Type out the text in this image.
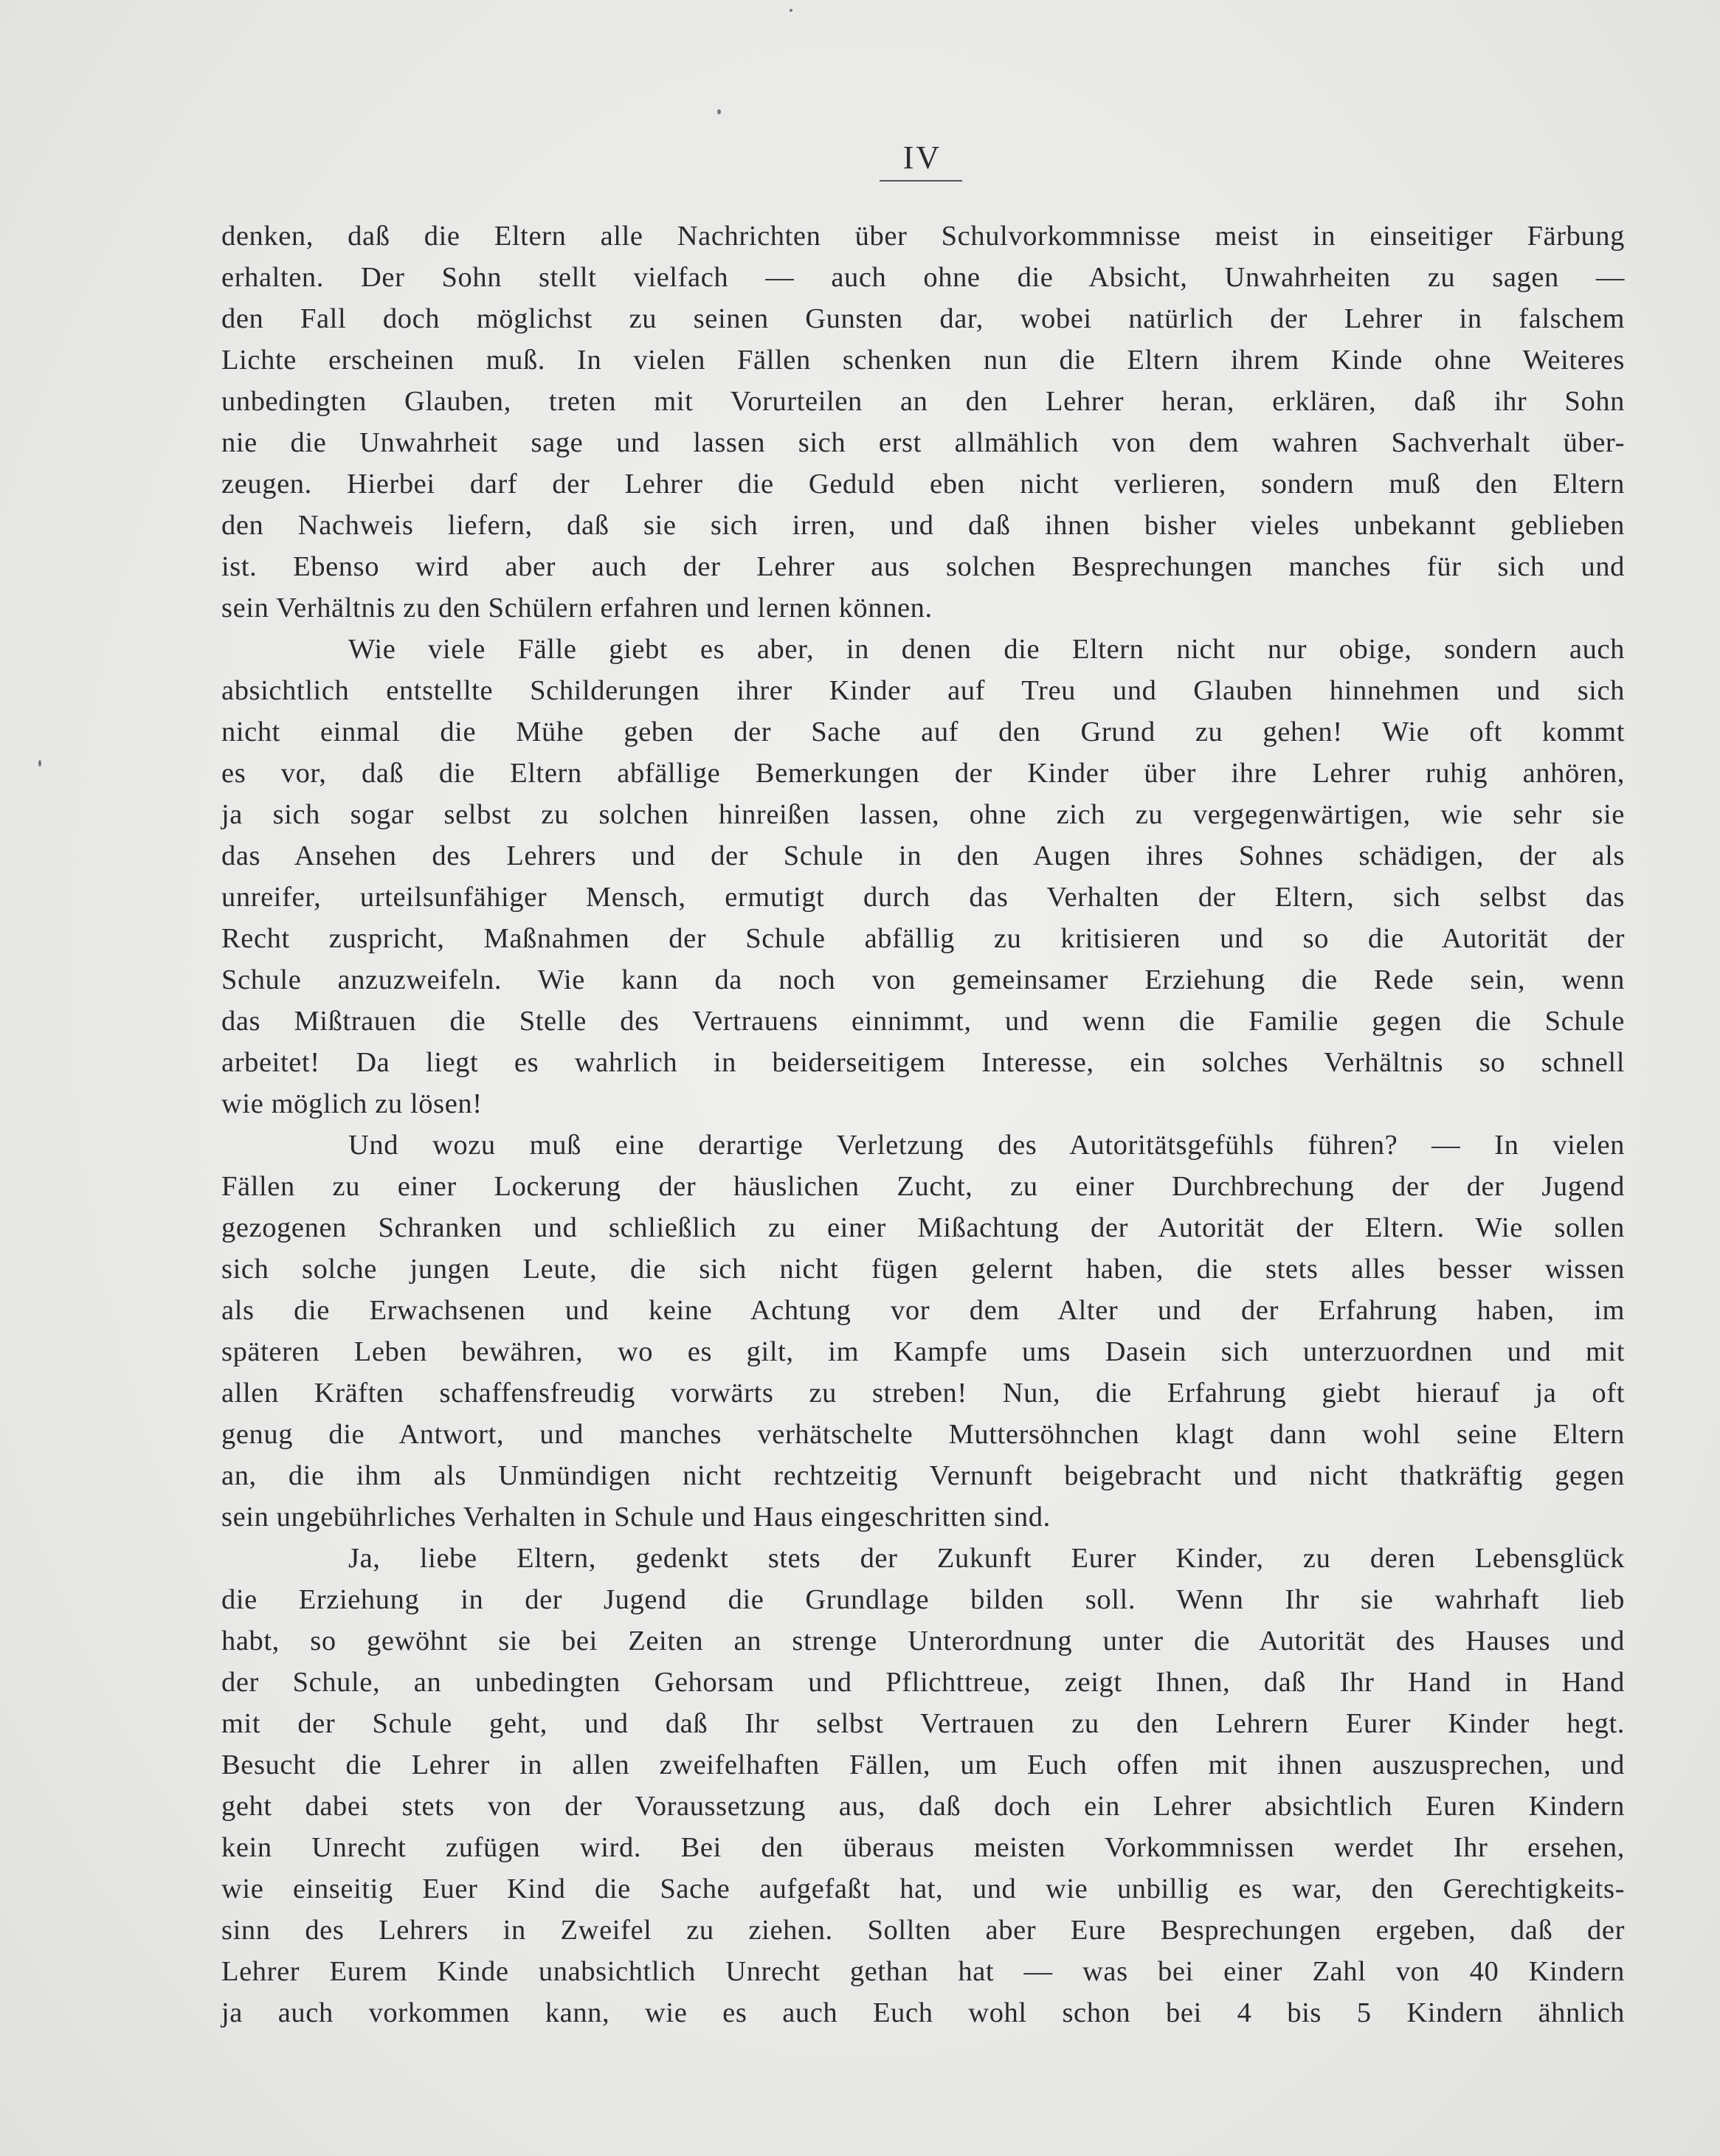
IV
denken, daß die Eltern alle Nachrichten über Schulvorkommnisse meist in einseitiger Färbung
erhalten. Der Sohn stellt vielfach — auch ohne die Absicht, Unwahrheiten zu sagen —
den Fall doch möglichst zu seinen Gunsten dar, wobei natürlich der Lehrer in falschem
Lichte erscheinen muß. In vielen Fällen schenken nun die Eltern ihrem Kinde ohne Weiteres
unbedingten Glauben, treten mit Vorurteilen an den Lehrer heran, erklären, daß ihr Sohn
nie die Unwahrheit sage und lassen sich erst allmählich von dem wahren Sachverhalt über-
zeugen. Hierbei darf der Lehrer die Geduld eben nicht verlieren, sondern muß den Eltern
den Nachweis liefern, daß sie sich irren, und daß ihnen bisher vieles unbekannt geblieben
ist. Ebenso wird aber auch der Lehrer aus solchen Besprechungen manches für sich und
sein Verhältnis zu den Schülern erfahren und lernen können.
Wie viele Fälle giebt es aber, in denen die Eltern nicht nur obige, sondern auch
absichtlich entstellte Schilderungen ihrer Kinder auf Treu und Glauben hinnehmen und sich
nicht einmal die Mühe geben der Sache auf den Grund zu gehen! Wie oft kommt
es vor, daß die Eltern abfällige Bemerkungen der Kinder über ihre Lehrer ruhig anhören,
ja sich sogar selbst zu solchen hinreißen lassen, ohne zich zu vergegenwärtigen, wie sehr sie
das Ansehen des Lehrers und der Schule in den Augen ihres Sohnes schädigen, der als
unreifer, urteilsunfähiger Mensch, ermutigt durch das Verhalten der Eltern, sich selbst das
Recht zuspricht, Maßnahmen der Schule abfällig zu kritisieren und so die Autorität der
Schule anzuzweifeln. Wie kann da noch von gemeinsamer Erziehung die Rede sein, wenn
das Mißtrauen die Stelle des Vertrauens einnimmt, und wenn die Familie gegen die Schule
arbeitet! Da liegt es wahrlich in beiderseitigem Interesse, ein solches Verhältnis so schnell
wie möglich zu lösen!
Und wozu muß eine derartige Verletzung des Autoritätsgefühls führen? — In vielen
Fällen zu einer Lockerung der häuslichen Zucht, zu einer Durchbrechung der der Jugend
gezogenen Schranken und schließlich zu einer Mißachtung der Autorität der Eltern. Wie sollen
sich solche jungen Leute, die sich nicht fügen gelernt haben, die stets alles besser wissen
als die Erwachsenen und keine Achtung vor dem Alter und der Erfahrung haben, im
späteren Leben bewähren, wo es gilt, im Kampfe ums Dasein sich unterzuordnen und mit
allen Kräften schaffensfreudig vorwärts zu streben! Nun, die Erfahrung giebt hierauf ja oft
genug die Antwort, und manches verhätschelte Muttersöhnchen klagt dann wohl seine Eltern
an, die ihm als Unmündigen nicht rechtzeitig Vernunft beigebracht und nicht thatkräftig gegen
sein ungebührliches Verhalten in Schule und Haus eingeschritten sind.
Ja, liebe Eltern, gedenkt stets der Zukunft Eurer Kinder, zu deren Lebensglück
die Erziehung in der Jugend die Grundlage bilden soll. Wenn Ihr sie wahrhaft lieb
habt, so gewöhnt sie bei Zeiten an strenge Unterordnung unter die Autorität des Hauses und
der Schule, an unbedingten Gehorsam und Pflichttreue, zeigt Ihnen, daß Ihr Hand in Hand
mit der Schule geht, und daß Ihr selbst Vertrauen zu den Lehrern Eurer Kinder hegt.
Besucht die Lehrer in allen zweifelhaften Fällen, um Euch offen mit ihnen auszusprechen, und
geht dabei stets von der Voraussetzung aus, daß doch ein Lehrer absichtlich Euren Kindern
kein Unrecht zufügen wird. Bei den überaus meisten Vorkommnissen werdet Ihr ersehen,
wie einseitig Euer Kind die Sache aufgefaßt hat, und wie unbillig es war, den Gerechtigkeits-
sinn des Lehrers in Zweifel zu ziehen. Sollten aber Eure Besprechungen ergeben, daß der
Lehrer Eurem Kinde unabsichtlich Unrecht gethan hat — was bei einer Zahl von 40 Kindern
ja auch vorkommen kann, wie es auch Euch wohl schon bei 4 bis 5 Kindern ähnlich
